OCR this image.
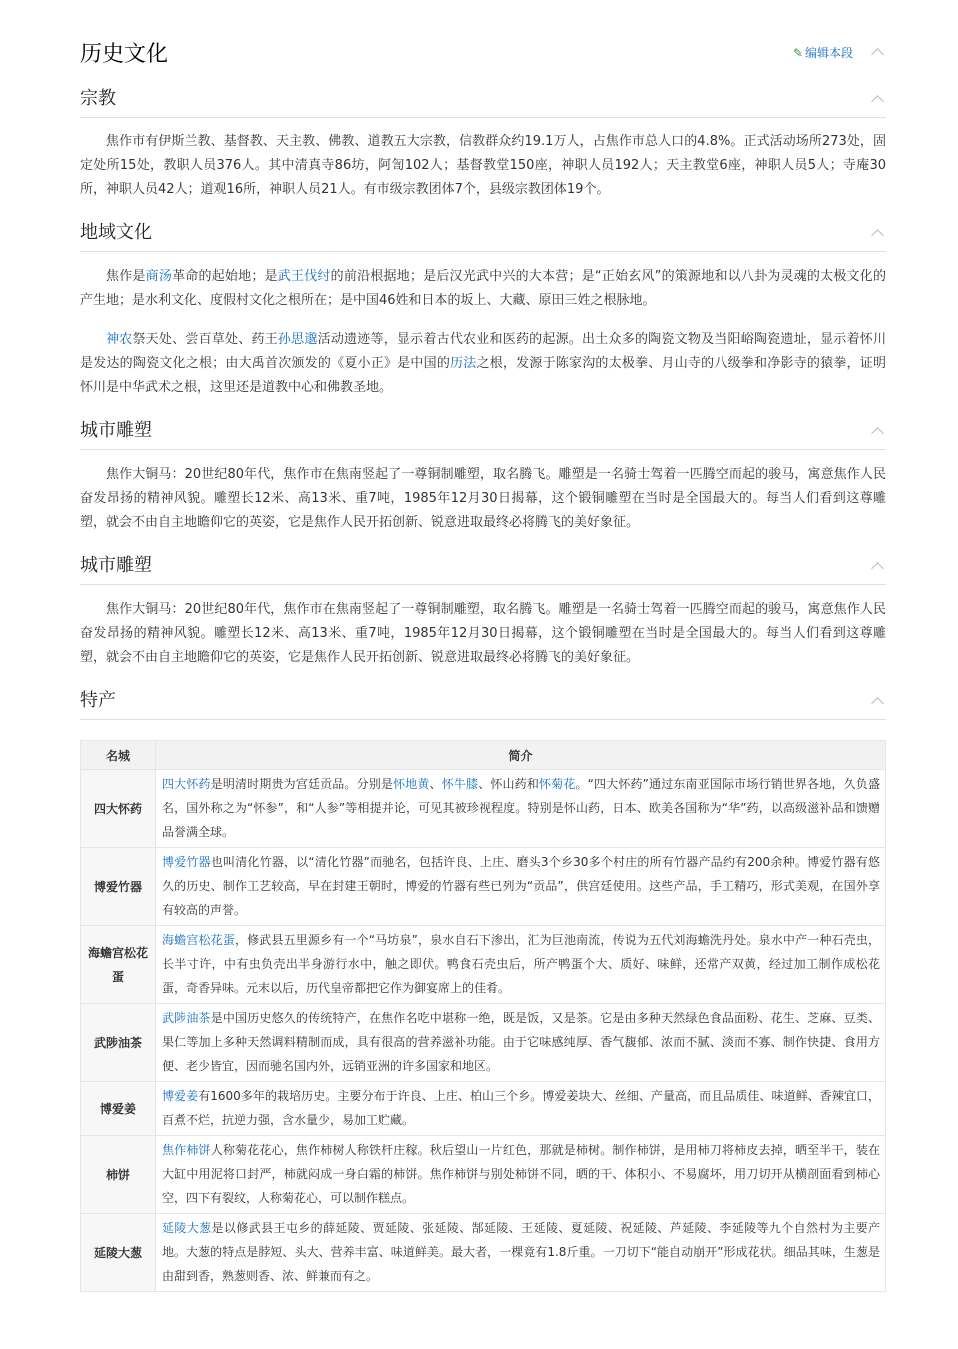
历史文化	✎ 编辑本段
宗教

焦作市有伊斯兰教、基督教、天主教、佛教、道教五大宗教，信教群众约19.1万人，占焦作市总人口的4.8%。正式活动场所273处，固定处所15处，教职人员376人。其中清真寺86坊，阿訇102人；基督教堂150座，神职人员192人；天主教堂6座，神职人员5人；寺庵30所，神职人员42人；道观16所，神职人员21人。有市级宗教团体7个，县级宗教团体19个。

地域文化

焦作是商汤革命的起始地；是武王伐纣的前沿根据地；是后汉光武中兴的大本营；是“正始玄风”的策源地和以八卦为灵魂的太极文化的产生地；是水利文化、度假村文化之根所在；是中国46姓和日本的坂上、大藏、原田三姓之根脉地。

神农祭天处、尝百草处、药王孙思邈活动遗迹等，显示着古代农业和医药的起源。出土众多的陶瓷文物及当阳峪陶瓷遗址，显示着怀川是发达的陶瓷文化之根；由大禹首次颁发的《夏小正》是中国的历法之根，发源于陈家沟的太极拳、月山寺的八级拳和净影寺的猿拳，证明怀川是中华武术之根，这里还是道教中心和佛教圣地。

城市雕塑

焦作大铜马：20世纪80年代，焦作市在焦南竖起了一尊铜制雕塑，取名腾飞。雕塑是一名骑士驾着一匹腾空而起的骏马，寓意焦作人民奋发昂扬的精神风貌。雕塑长12米、高13米、重7吨，1985年12月30日揭幕，这个锻铜雕塑在当时是全国最大的。每当人们看到这尊雕塑，就会不由自主地瞻仰它的英姿，它是焦作人民开拓创新、锐意进取最终必将腾飞的美好象征。

城市雕塑

焦作大铜马：20世纪80年代，焦作市在焦南竖起了一尊铜制雕塑，取名腾飞。雕塑是一名骑士驾着一匹腾空而起的骏马，寓意焦作人民奋发昂扬的精神风貌。雕塑长12米、高13米、重7吨，1985年12月30日揭幕，这个锻铜雕塑在当时是全国最大的。每当人们看到这尊雕塑，就会不由自主地瞻仰它的英姿，它是焦作人民开拓创新、锐意进取最终必将腾飞的美好象征。

特产
名城	简介
四大怀药	四大怀药是明清时期贵为宫廷贡品。分别是怀地黄、怀牛膝、怀山药和怀菊花。“四大怀药”通过东南亚国际市场行销世界各地，久负盛名，国外称之为“怀参”，和“人参”等相提并论，可见其被珍视程度。特别是怀山药，日本、欧美各国称为“华”药，以高级滋补品和馈赠品誉满全球。
博爱竹器	博爱竹器也叫清化竹器，以“清化竹器”而驰名，包括许良、上庄、磨头3个乡30多个村庄的所有竹器产品约有200余种。博爱竹器有悠久的历史、制作工艺较高，早在封建王朝时，博爱的竹器有些已列为“贡品”，供宫廷使用。这些产品，手工精巧，形式美观，在国外享有较高的声誉。
海蟾宫松花蛋	海蟾宫松花蛋，修武县五里源乡有一个“马坊泉”，泉水自石下渗出，汇为巨池南流，传说为五代刘海蟾洗丹处。泉水中产一种石壳虫，长半寸许，中有虫负壳出半身游行水中，触之即伏。鸭食石壳虫后，所产鸭蛋个大、质好、味鲜，还常产双黄，经过加工制作成松花蛋，奇香异味。元末以后，历代皇帝都把它作为御宴席上的佳肴。
武陟油茶	武陟油茶是中国历史悠久的传统特产，在焦作名吃中堪称一绝，既是饭，又是茶。它是由多种天然绿色食品面粉、花生、芝麻、豆类、果仁等加上多种天然调料精制而成，具有很高的营养滋补功能。由于它味感纯厚、香气馥郁、浓而不腻、淡而不寡、制作快捷、食用方便、老少皆宜，因而驰名国内外，远销亚洲的许多国家和地区。
博爱姜	博爱姜有1600多年的栽培历史。主要分布于许良、上庄、柏山三个乡。博爱姜块大、丝细、产量高，而且品质佳、味道鲜、香辣宜口，百煮不烂，抗逆力强，含水量少，易加工贮藏。
柿饼	焦作柿饼人称菊花花心，焦作柿树人称铁杆庄稼。秋后望山一片红色，那就是柿树。制作柿饼，是用柿刀将柿皮去掉，晒至半干，装在大缸中用泥将口封严，柿就闷成一身白霜的柿饼。焦作柿饼与别处柿饼不同，晒的干、体积小、不易腐坏，用刀切开从横剖面看到柿心空，四下有裂纹，人称菊花心，可以制作糕点。
延陵大葱	延陵大葱是以修武县王屯乡的薛延陵、贾延陵、张延陵、郜延陵、王延陵、夏延陵、祝延陵、芦延陵、李延陵等九个自然村为主要产地。大葱的特点是脖短、头大、营养丰富、味道鲜美。最大者，一棵竟有1.8斤重。一刀切下“能自动崩开”形成花状。细品其味，生葱是由甜到香，熟葱则香、浓、鲜兼而有之。
